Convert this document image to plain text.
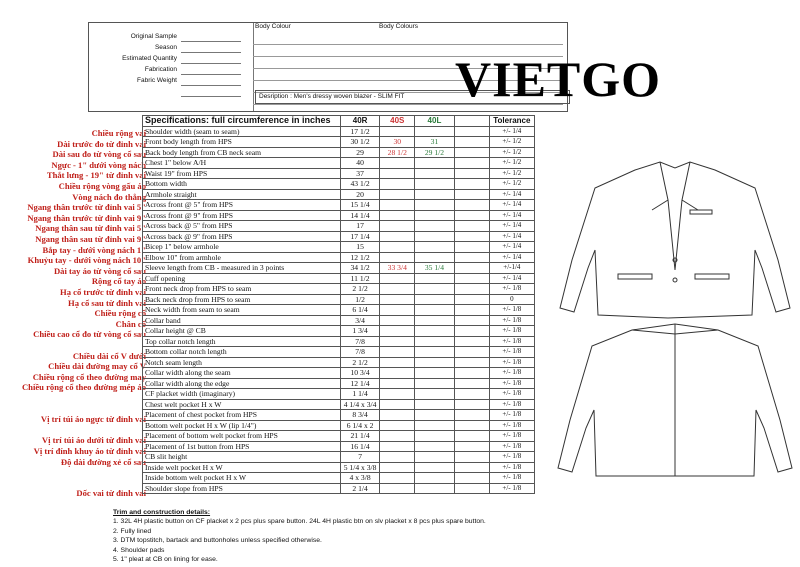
Original Sample
Season
Estimated Quantity
Fabrication
Fabric Weight
Body Colour	Body Colours
Desription : Men's dressy woven blazer - SLIM FIT	VIETGO
Chiều rộng vai
Dài trước đo từ đỉnh vai
Dài sau đo từ vòng cổ sau
Ngực - 1" dưới vòng nách
Thắt lưng - 19" từ đỉnh vai
Chiều rộng vòng gấu áo
Vòng nách đo thẳng
Ngang thân trước từ đỉnh vai 5"
Ngang thân trước từ đỉnh vai 9"
Ngang thân sau từ đỉnh vai 5"
Ngang thân sau từ đỉnh vai 9"
Bắp tay - dưới vòng nách 1"
Khuỷu tay - dưới vòng nách 10"
Dài tay áo từ vòng cổ sau
Rộng cổ tay áo
Hạ cổ trước từ đỉnh vai
Hạ cổ sau từ đỉnh vai
Chiều rộng cổ
Chân cổ
Chiều cao cổ đo từ vòng cổ sau
Chiều dài cổ V dưới
Chiều dài đường may cổ V
Chiều rộng cổ theo đường may
Chiều rộng cổ theo đường mép áo
Vị trí túi áo ngực từ đỉnh vai
Vị trí túi áo dưới từ đỉnh vai
Vị trí đính khuy áo từ đỉnh vai
Độ dài đường xẻ cổ sau
Dốc vai từ đỉnh vai
Specifications: full circumference in inches	40R	40S	40L		Tolerance
Shoulder width (seam to seam)	17 1/2				+/- 1/4
Front body length from HPS	30 1/2	30	31		+/- 1/2
Back body length from CB neck seam	29	28 1/2	29 1/2		+/- 1/2
Chest 1" below A/H	40				+/- 1/2
Waist 19" from HPS	37				+/- 1/2
Bottom width	43 1/2				+/- 1/2
Armhole straight	20				+/- 1/4
Across front @ 5" from HPS	15 1/4				+/- 1/4
Across front @ 9" from HPS	14 1/4				+/- 1/4
Across back @ 5" from HPS	17				+/- 1/4
Across back @ 9" from HPS	17 1/4				+/- 1/4
Bicep 1" below armhole	15				+/- 1/4
Elbow 10" from armhole	12 1/2				+/- 1/4
Sleeve length from CB - measured in 3 points	34 1/2	33 3/4	35 1/4		+/-1/4
Cuff opening	11 1/2				+/- 1/4
Front neck drop from HPS to seam	2 1/2				+/- 1/8
Back neck drop from HPS to seam	1/2				0
Neck width from seam to seam	6 1/4				+/- 1/8
Collar band	3/4				+/- 1/8
Collar height @ CB	1 3/4				+/- 1/8
Top collar notch length	7/8				+/- 1/8
Bottom collar notch length	7/8				+/- 1/8
Notch seam length	2 1/2				+/- 1/8
Collar width along the seam	10 3/4				+/- 1/8
Collar width along the edge	12 1/4				+/- 1/8
CF placket width (imaginary)	1 1/4				+/- 1/8
Chest welt pocket H x W	4 1/4 x 3/4				+/- 1/8
Placement of chest pocket from HPS	8 3/4				+/- 1/8
Bottom welt pocket H x W (lip 1/4")	6 1/4 x 2				+/- 1/8
Placement of bottom welt pocket from HPS	21 1/4				+/- 1/8
Placement of 1st button from HPS	16 1/4				+/- 1/8
CB slit height	7				+/- 1/8
Inside welt pocket H x W	5 1/4 x 3/8				+/- 1/8
Inside bottom welt pocket H x W	4 x 3/8				+/- 1/8
Shoulder slope from HPS	2 1/4				+/- 1/8
Trim and construction details:
1. 32L 4H plastic button on CF placket x 2 pcs plus spare button. 24L 4H plastic btn on slv placket x 8 pcs plus spare button.
2. Fully lined
3. DTM topstitch, bartack and buttonholes unless specified otherwise.
4. Shoulder pads
5. 1" pleat at CB on lining for ease.
